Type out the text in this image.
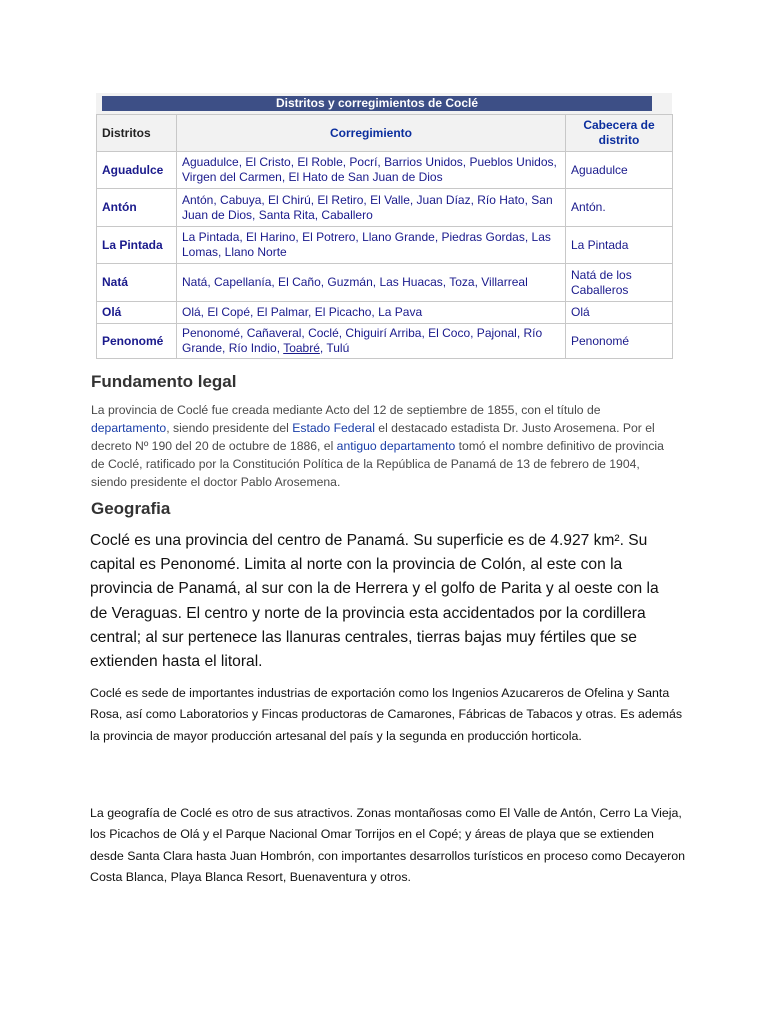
Distritos y corregimientos de Coclé
Distritos	Corregimiento	Cabecera de distrito
Aguadulce	Aguadulce, El Cristo, El Roble, Pocrí, Barrios Unidos, Pueblos Unidos, Virgen del Carmen, El Hato de San Juan de Dios	Aguadulce
Antón	Antón, Cabuya, El Chirú, El Retiro, El Valle, Juan Díaz, Río Hato, San Juan de Dios, Santa Rita, Caballero	Antón.
La Pintada	La Pintada, El Harino, El Potrero, Llano Grande, Piedras Gordas, Las Lomas, Llano Norte	La Pintada
Natá	Natá, Capellanía, El Caño, Guzmán, Las Huacas, Toza, Villarreal	Natá de los Caballeros
Olá	Olá, El Copé, El Palmar, El Picacho, La Pava	Olá
Penonomé	Penonomé, Cañaveral, Coclé, Chiguirí Arriba, El Coco, Pajonal, Río Grande, Río Indio, Toabré, Tulú	Penonomé
Fundamento legal

La provincia de Coclé fue creada mediante Acto del 12 de septiembre de 1855, con el título de departamento, siendo presidente del Estado Federal el destacado estadista Dr. Justo Arosemena. Por el decreto Nº 190 del 20 de octubre de 1886, el antiguo departamento tomó el nombre definitivo de provincia de Coclé, ratificado por la Constitución Política de la República de Panamá de 13 de febrero de 1904, siendo presidente el doctor Pablo Arosemena.

Geografia

Coclé es una provincia del centro de Panamá. Su superficie es de 4.927 km². Su capital es Penonomé. Limita al norte con la provincia de Colón, al este con la provincia de Panamá, al sur con la de Herrera y el golfo de Parita y al oeste con la de Veraguas. El centro y norte de la provincia esta accidentados por la cordillera central; al sur pertenece las llanuras centrales, tierras bajas muy fértiles que se extienden hasta el litoral.

Coclé es sede de importantes industrias de exportación como los Ingenios Azucareros de Ofelina y Santa Rosa, así como Laboratorios y Fincas productoras de Camarones, Fábricas de Tabacos y otras. Es además la provincia de mayor producción artesanal del país y la segunda en producción horticola.

La geografía de Coclé es otro de sus atractivos. Zonas montañosas como El Valle de Antón, Cerro La Vieja, los Picachos de Olá y el Parque Nacional Omar Torrijos en el Copé; y áreas de playa que se extienden desde Santa Clara hasta Juan Hombrón, con importantes desarrollos turísticos en proceso como Decayeron Costa Blanca, Playa Blanca Resort, Buenaventura y otros.
